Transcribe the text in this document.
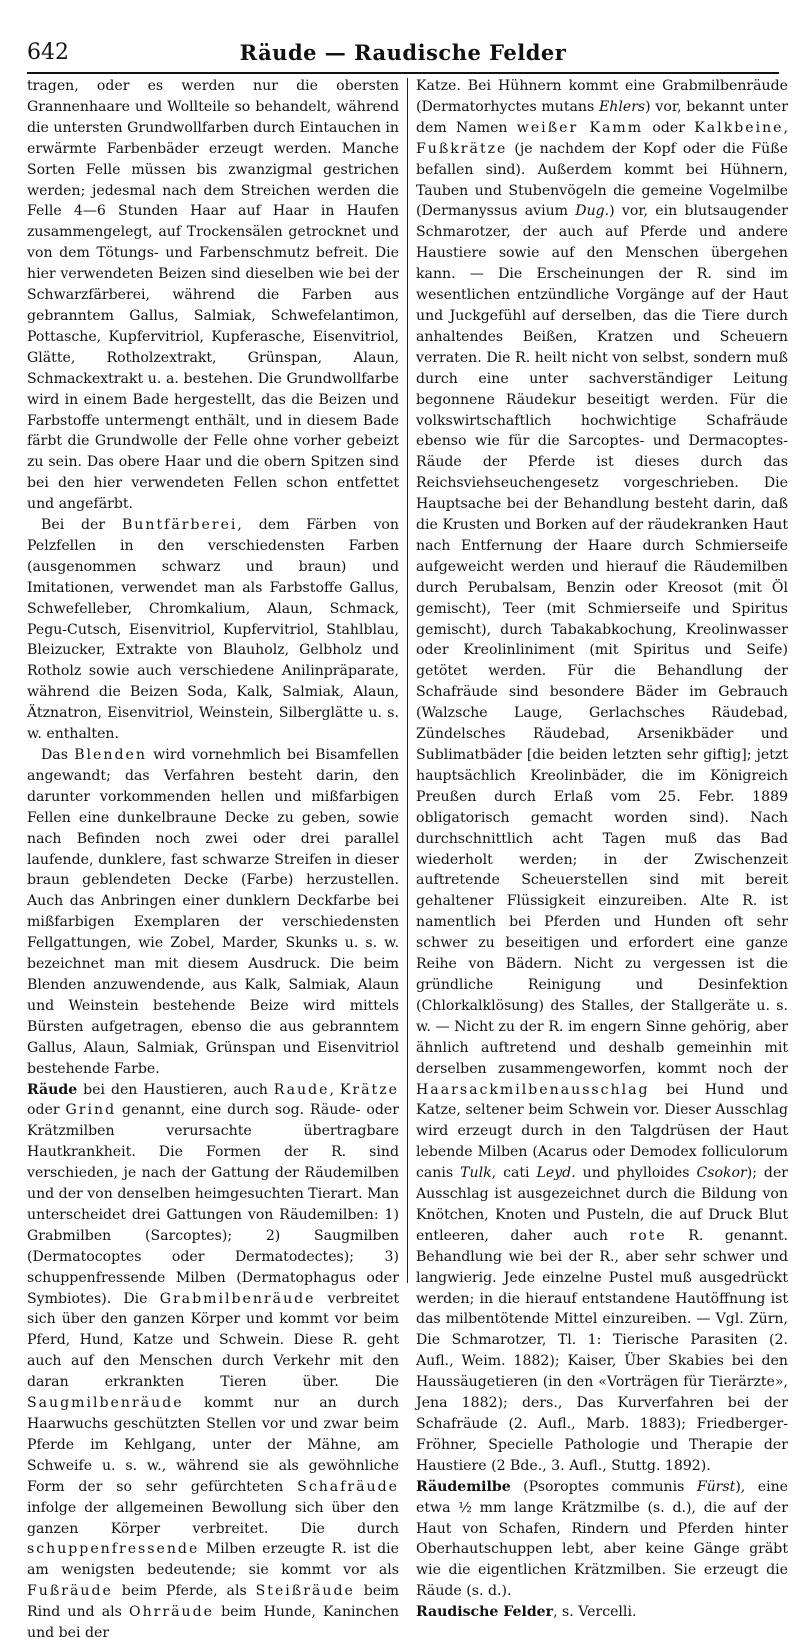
642	Räude — Raudische Felder

tragen, oder es werden nur die obersten Grannenhaare und Wollteile so behandelt, während die untersten Grundwollfarben durch Eintauchen in erwärmte Farbenbäder erzeugt werden. Manche Sorten Felle müssen bis zwanzigmal gestrichen werden; jedesmal nach dem Streichen werden die Felle 4—6 Stunden Haar auf Haar in Haufen zusammengelegt, auf Trockensälen getrocknet und von dem Tötungs- und Farbenschmutz befreit. Die hier verwendeten Beizen sind dieselben wie bei der Schwarzfärberei, während die Farben aus gebranntem Gallus, Salmiak, Schwefelantimon, Pottasche, Kupfervitriol, Kupferasche, Eisenvitriol, Glätte, Rotholzextrakt, Grünspan, Alaun, Schmackextrakt u. a. bestehen. Die Grundwollfarbe wird in einem Bade hergestellt, das die Beizen und Farbstoffe untermengt enthält, und in diesem Bade färbt die Grundwolle der Felle ohne vorher gebeizt zu sein. Das obere Haar und die obern Spitzen sind bei den hier verwendeten Fellen schon entfettet und angefärbt.

Bei der Buntfärberei, dem Färben von Pelzfellen in den verschiedensten Farben (ausgenommen schwarz und braun) und Imitationen, verwendet man als Farbstoffe Gallus, Schwefelleber, Chromkalium, Alaun, Schmack, Pegu-Cutsch, Eisenvitriol, Kupfervitriol, Stahlblau, Bleizucker, Extrakte von Blauholz, Gelbholz und Rotholz sowie auch verschiedene Anilinpräparate, während die Beizen Soda, Kalk, Salmiak, Alaun, Ätznatron, Eisenvitriol, Weinstein, Silberglätte u. s. w. enthalten.

Das Blenden wird vornehmlich bei Bisamfellen angewandt; das Verfahren besteht darin, den darunter vorkommenden hellen und mißfarbigen Fellen eine dunkelbraune Decke zu geben, sowie nach Befinden noch zwei oder drei parallel laufende, dunklere, fast schwarze Streifen in dieser braun geblendeten Decke (Farbe) herzustellen. Auch das Anbringen einer dunklern Deckfarbe bei mißfarbigen Exemplaren der verschiedensten Fellgattungen, wie Zobel, Marder, Skunks u. s. w. bezeichnet man mit diesem Ausdruck. Die beim Blenden anzuwendende, aus Kalk, Salmiak, Alaun und Weinstein bestehende Beize wird mittels Bürsten aufgetragen, ebenso die aus gebranntem Gallus, Alaun, Salmiak, Grünspan und Eisenvitriol bestehende Farbe.

Räude bei den Haustieren, auch Raude, Krätze oder Grind genannt, eine durch sog. Räude- oder Krätzmilben verursachte übertragbare Hautkrankheit. Die Formen der R. sind verschieden, je nach der Gattung der Räudemilben und der von denselben heimgesuchten Tierart. Man unterscheidet drei Gattungen von Räudemilben: 1) Grabmilben (Sarcoptes); 2) Saugmilben (Dermatocoptes oder Dermatodectes); 3) schuppenfressende Milben (Dermatophagus oder Symbiotes). Die Grabmilbenräude verbreitet sich über den ganzen Körper und kommt vor beim Pferd, Hund, Katze und Schwein. Diese R. geht auch auf den Menschen durch Verkehr mit den daran erkrankten Tieren über. Die Saugmilbenräude kommt nur an durch Haarwuchs geschützten Stellen vor und zwar beim Pferde im Kehlgang, unter der Mähne, am Schweife u. s. w., während sie als gewöhnliche Form der so sehr gefürchteten Schafräude infolge der allgemeinen Bewollung sich über den ganzen Körper verbreitet. Die durch schuppenfressende Milben erzeugte R. ist die am wenigsten bedeutende; sie kommt vor als Fußräude beim Pferde, als Steißräude beim Rind und als Ohrräude beim Hunde, Kaninchen und bei der

Katze. Bei Hühnern kommt eine Grabmilbenräude (Dermatorhyctes mutans Ehlers) vor, bekannt unter dem Namen weißer Kamm oder Kalkbeine, Fußkrätze (je nachdem der Kopf oder die Füße befallen sind). Außerdem kommt bei Hühnern, Tauben und Stubenvögeln die gemeine Vogelmilbe (Dermanyssus avium Dug.) vor, ein blutsaugender Schmarotzer, der auch auf Pferde und andere Haustiere sowie auf den Menschen übergehen kann. — Die Erscheinungen der R. sind im wesentlichen entzündliche Vorgänge auf der Haut und Juckgefühl auf derselben, das die Tiere durch anhaltendes Beißen, Kratzen und Scheuern verraten. Die R. heilt nicht von selbst, sondern muß durch eine unter sachverständiger Leitung begonnene Räudekur beseitigt werden. Für die volkswirtschaftlich hochwichtige Schafräude ebenso wie für die Sarcoptes- und Dermacoptes-Räude der Pferde ist dieses durch das Reichsviehseuchengesetz vorgeschrieben. Die Hauptsache bei der Behandlung besteht darin, daß die Krusten und Borken auf der räudekranken Haut nach Entfernung der Haare durch Schmierseife aufgeweicht werden und hierauf die Räudemilben durch Perubalsam, Benzin oder Kreosot (mit Öl gemischt), Teer (mit Schmierseife und Spiritus gemischt), durch Tabakabkochung, Kreolinwasser oder Kreolinliniment (mit Spiritus und Seife) getötet werden. Für die Behandlung der Schafräude sind besondere Bäder im Gebrauch (Walzsche Lauge, Gerlachsches Räudebad, Zündelsches Räudebad, Arsenikbäder und Sublimatbäder [die beiden letzten sehr giftig]; jetzt hauptsächlich Kreolinbäder, die im Königreich Preußen durch Erlaß vom 25. Febr. 1889 obligatorisch gemacht worden sind). Nach durchschnittlich acht Tagen muß das Bad wiederholt werden; in der Zwischenzeit auftretende Scheuerstellen sind mit bereit gehaltener Flüssigkeit einzureiben. Alte R. ist namentlich bei Pferden und Hunden oft sehr schwer zu beseitigen und erfordert eine ganze Reihe von Bädern. Nicht zu vergessen ist die gründliche Reinigung und Desinfektion (Chlorkalklösung) des Stalles, der Stallgeräte u. s. w. — Nicht zu der R. im engern Sinne gehörig, aber ähnlich auftretend und deshalb gemeinhin mit derselben zusammengeworfen, kommt noch der Haarsackmilbenausschlag bei Hund und Katze, seltener beim Schwein vor. Dieser Ausschlag wird erzeugt durch in den Talgdrüsen der Haut lebende Milben (Acarus oder Demodex folliculorum canis Tulk, cati Leyd. und phylloides Csokor); der Ausschlag ist ausgezeichnet durch die Bildung von Knötchen, Knoten und Pusteln, die auf Druck Blut entleeren, daher auch rote R. genannt. Behandlung wie bei der R., aber sehr schwer und langwierig. Jede einzelne Pustel muß ausgedrückt werden; in die hierauf entstandene Hautöffnung ist das milbentötende Mittel einzureiben. — Vgl. Zürn, Die Schmarotzer, Tl. 1: Tierische Parasiten (2. Aufl., Weim. 1882); Kaiser, Über Skabies bei den Haussäugetieren (in den «Vorträgen für Tierärzte», Jena 1882); ders., Das Kurverfahren bei der Schafräude (2. Aufl., Marb. 1883); Friedberger-Fröhner, Specielle Pathologie und Therapie der Haustiere (2 Bde., 3. Aufl., Stuttg. 1892).

Räudemilbe (Psoroptes communis Fürst), eine etwa ½ mm lange Krätzmilbe (s. d.), die auf der Haut von Schafen, Rindern und Pferden hinter Oberhautschuppen lebt, aber keine Gänge gräbt wie die eigentlichen Krätzmilben. Sie erzeugt die Räude (s. d.).

Raudische Felder, s. Vercelli.
